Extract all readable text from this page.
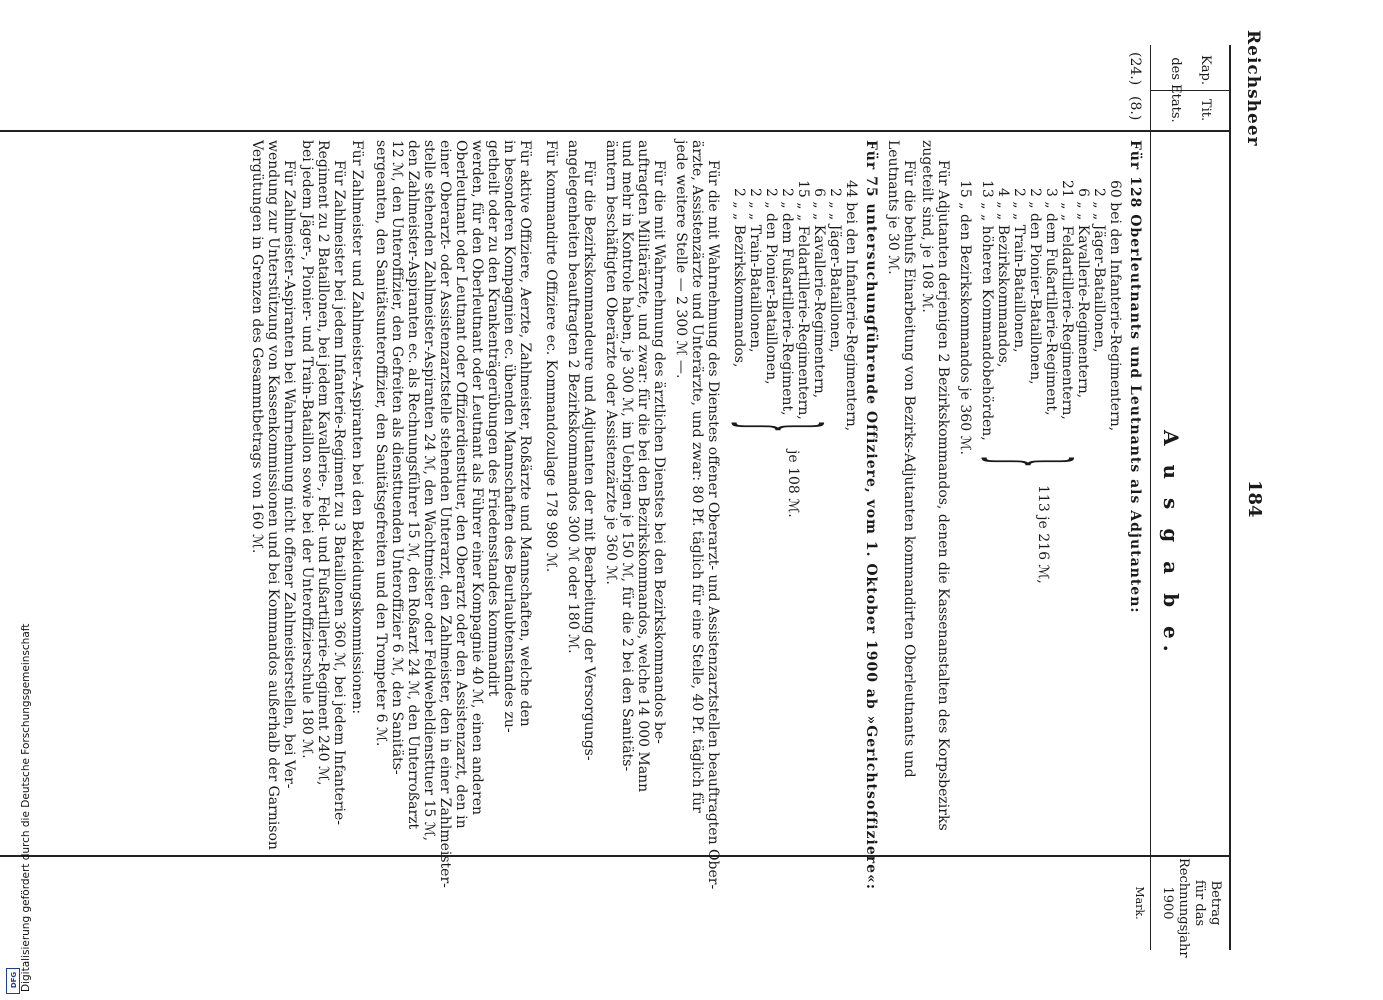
Reichsheer
184
Kap.
Tit.
des Etats.
A u s g a b e.
Betrag
für das
Rechnungsjahr
1900
Mark.
(24.)
(8.)
Für 128 Oberleutnants und Leutnants als Adjutanten:
60 bei den Infanterie-Regimentern,
2 „ „ Jäger-Bataillonen,
6 „ „ Kavallerie-Regimentern,
21 „ „ Feldartillerie-Regimentern,
3 „ dem Fußartillerie-Regiment,
2 „ den Pionier-Bataillonen,
2 „ „ Train-Bataillonen,
4 „ „ Bezirkskommandos,
13 „ „ höheren Kommandobehörden,
}
113 je 216 ℳ,
15 „ den Bezirkskommandos je 360 ℳ.
Für Adjutanten derjenigen 2 Bezirkskommandos, denen die Kassenanstalten des Korpsbezirks
zugeteilt sind, je 108 ℳ.
Für die behufs Einarbeitung von Bezirks-Adjutanten kommandirten Oberleutnants und
Leutnants je 30 ℳ.
Für 75 untersuchungführende Offiziere, vom 1. Oktober 1900 ab »Gerichtsoffiziere«:
44 bei den Infanterie-Regimentern,
2 „ „ Jäger-Bataillonen,
6 „ „ Kavallerie-Regimentern,
15 „ „ Feldartillerie-Regimentern,
2 „ dem Fußartillerie-Regiment,
2 „ den Pionier-Bataillonen,
2 „ „ Train-Bataillonen,
2 „ „ Bezirkskommandos,
}
je 108 ℳ.
Für die mit Wahrnehmung des Dienstes offener Oberarzt- und Assistenzarztstellen beauftragten Ober-
ärzte, Assistenzärzte und Unterärzte, und zwar: 80 Pf. täglich für eine Stelle, 40 Pf. täglich für
jede weitere Stelle — 2 300 ℳ —.
Für die mit Wahrnehmung des ärztlichen Dienstes bei den Bezirkskommandos be-
auftragten Militärärzte, und zwar: für die bei den Bezirkskommandos, welche 14 000 Mann
und mehr in Kontrole haben, je 300 ℳ, im Uebrigen je 150 ℳ, für die 2 bei den Sanitäts-
ämtern beschäftigten Oberärzte oder Assistenzärzte je 360 ℳ.
Für die Bezirkskommandeure und Adjutanten der mit Bearbeitung der Versorgungs-
angelegenheiten beauftragten 2 Bezirkskommandos 300 ℳ oder 180 ℳ.
Für kommandirte Offiziere ec. Kommandozulage 178 980 ℳ.
Für aktive Offiziere, Aerzte, Zahlmeister, Roßärzte und Mannschaften, welche den
in besonderen Kompagnien ec. übenden Mannschaften des Beurlaubtenstandes zu-
getheilt oder zu den Krankenträgerübungen des Friedensstandes kommandirt
werden, für den Oberleutnant oder Leutnant als Führer einer Kompagnie 40 ℳ, einen anderen
Oberleutnant oder Leutnant oder Offizierdiensttuer, den Oberarzt oder den Assistenzarzt, den in
einer Oberarzt- oder Assistenzarztstelle stehenden Unterarzt, den Zahlmeister, den in einer Zahlmeister-
stelle stehenden Zahlmeister-Aspiranten 24 ℳ, den Wachtmeister oder Feldwebeldiensttuer 15 ℳ,
den Zahlmeister-Aspiranten ec. als Rechnungsführer 15 ℳ, den Roßarzt 24 ℳ, den Unterroßarzt
12 ℳ, den Unteroffizier, den Gefreiten als diensttuenden Unteroffizier 6 ℳ, den Sanitäts-
sergeanten, den Sanitätsunteroffizier, den Sanitätsgefreiten und den Trompeter 6 ℳ.
Für Zahlmeister und Zahlmeister-Aspiranten bei den Bekleidungskommissionen:
Für Zahlmeister bei jedem Infanterie-Regiment zu 3 Bataillonen 360 ℳ, bei jedem Infanterie-
Regiment zu 2 Bataillonen, bei jedem Kavallerie-, Feld- und Fußartillerie-Regiment 240 ℳ,
bei jedem Jäger-, Pionier- und Train-Bataillon sowie bei der Unteroffizierschule 180 ℳ.
Für Zahlmeister-Aspiranten bei Wahrnehmung nicht offener Zahlmeisterstellen, bei Ver-
wendung zur Unterstützung von Kassenkommissionen und bei Kommandos außerhalb der Garnison
Vergütungen in Grenzen des Gesammtbetrags von 160 ℳ.
Digitalisierung gefördert durch die Deutsche Forschungsgemeinschaft
DFG
